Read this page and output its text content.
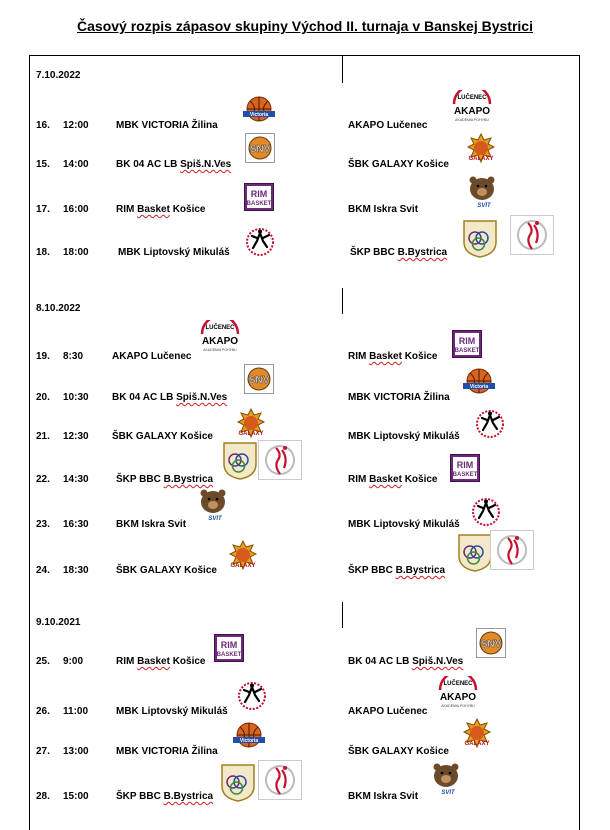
Časový rozpis zápasov skupiny Východ II. turnaja v Banskej Bystrici
7.10.2022
16. 12:00	MBK VICTORIA Žilina	AKAPO Lučenec
15. 14:00	BK 04 AC LB Spiš.N.Ves	ŠBK GALAXY Košice
17. 16:00	RIM Basket Košice	BKM Iskra Svit
18. 18:00	MBK Liptovský Mikuláš	ŠKP BBC B.Bystrica
8.10.2022
19. 8:30	AKAPO Lučenec	RIM Basket Košice
20. 10:30 BK 04 AC LB Spiš.N.Ves	MBK VICTORIA Žilina
21. 12:30 ŠBK GALAXY Košice	MBK Liptovský Mikuláš
22. 14:30	ŠKP BBC B.Bystrica	RIM Basket Košice
23. 16:30	BKM Iskra Svit	MBK Liptovský Mikuláš
24. 18:30	ŠBK GALAXY Košice	ŠKP BBC B.Bystrica
9.10.2021
25. 9:00	RIM Basket Košice	BK 04 AC LB Spiš.N.Ves
26. 11:00	MBK Liptovský Mikuláš	AKAPO Lučenec
27. 13:00	MBK VICTORIA Žilina	ŠBK GALAXY Košice
28. 15:00	ŠKP BBC B.Bystrica	BKM Iskra Svit
Victoria
LUČENEC
AKAPO
AKADÉMIA POHYBU
SNV
GALAXY
RIM
BASKET	SVIT
LUČENEC
AKAPO
AKADÉMIA POHYBU
RIM
BASKET
SNV
Victoria
GALAXY
RIM
BASKET
SVIT
GALAXY
RIM
BASKET
SNV
LUČENEC
AKAPO
AKADÉMIA POHYBU
Victoria	GALAXY
SVIT
